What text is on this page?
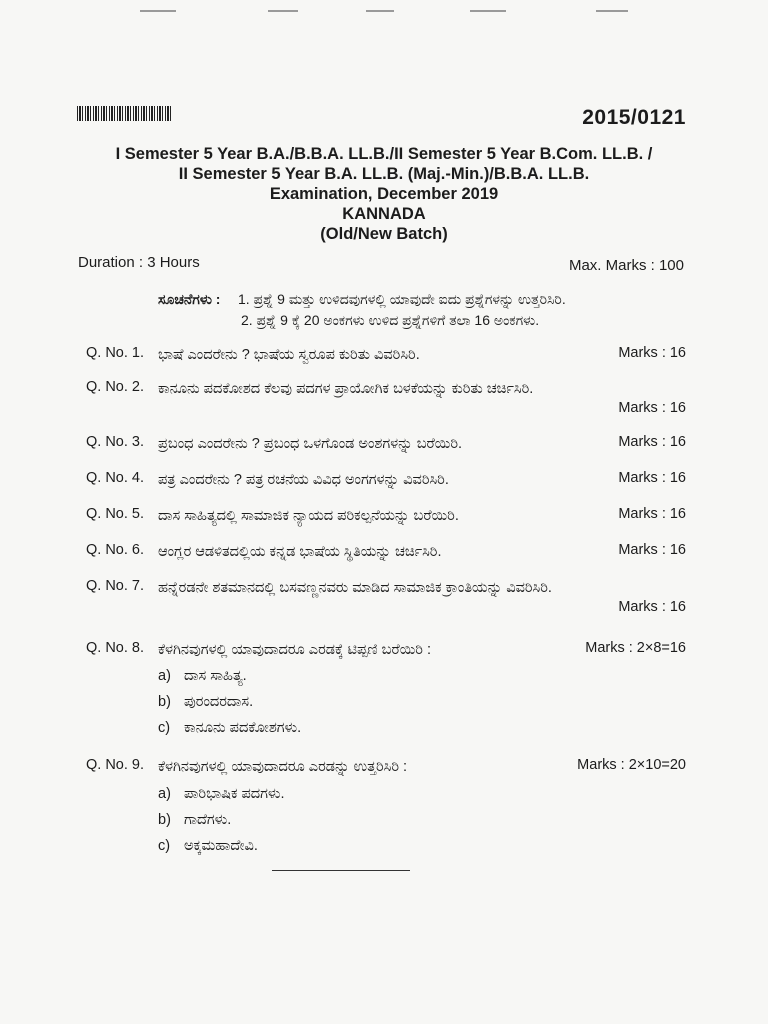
2015/0121
I Semester 5 Year B.A./B.B.A. LL.B./II Semester 5 Year B.Com. LL.B. /
II Semester 5 Year B.A. LL.B. (Maj.-Min.)/B.B.A. LL.B.
Examination, December 2019
KANNADA
(Old/New Batch)
Duration : 3 Hours	Max. Marks : 100
ಸೂಚನೆಗಳು : 1. ಪ್ರಶ್ನೆ 9 ಮತ್ತು ಉಳಿದವುಗಳಲ್ಲಿ ಯಾವುದೇ ಐದು ಪ್ರಶ್ನೆಗಳನ್ನು ಉತ್ತರಿಸಿರಿ.
2. ಪ್ರಶ್ನೆ 9 ಕ್ಕೆ 20 ಅಂಕಗಳು ಉಳಿದ ಪ್ರಶ್ನೆಗಳಿಗೆ ತಲಾ 16 ಅಂಕಗಳು.
Q. No. 1. ಭಾಷೆ ಎಂದರೇನು ? ಭಾಷೆಯ ಸ್ವರೂಪ ಕುರಿತು ವಿವರಿಸಿರಿ.	Marks : 16
Q. No. 2. ಕಾನೂನು ಪದಕೋಶದ ಕೆಲವು ಪದಗಳ ಪ್ರಾಯೋಗಿಕ ಬಳಕೆಯನ್ನು ಕುರಿತು ಚರ್ಚಿಸಿರಿ.
Marks : 16
Q. No. 3. ಪ್ರಬಂಧ ಎಂದರೇನು ? ಪ್ರಬಂಧ ಒಳಗೊಂಡ ಅಂಶಗಳನ್ನು ಬರೆಯಿರಿ.	Marks : 16
Q. No. 4. ಪತ್ರ ಎಂದರೇನು ? ಪತ್ರ ರಚನೆಯ ವಿವಿಧ ಅಂಗಗಳನ್ನು ವಿವರಿಸಿರಿ.	Marks : 16
Q. No. 5. ದಾಸ ಸಾಹಿತ್ಯದಲ್ಲಿ ಸಾಮಾಜಿಕ ನ್ಯಾಯದ ಪರಿಕಲ್ಪನೆಯನ್ನು ಬರೆಯಿರಿ.	Marks : 16
Q. No. 6. ಆಂಗ್ಲರ ಆಡಳಿತದಲ್ಲಿಯ ಕನ್ನಡ ಭಾಷೆಯ ಸ್ಥಿತಿಯನ್ನು ಚರ್ಚಿಸಿರಿ.	Marks : 16
Q. No. 7. ಹನ್ನೆರಡನೇ ಶತಮಾನದಲ್ಲಿ ಬಸವಣ್ಣನವರು ಮಾಡಿದ ಸಾಮಾಜಿಕ ಕ್ರಾಂತಿಯನ್ನು ವಿವರಿಸಿರಿ.
Marks : 16
Q. No. 8. ಕೆಳಗಿನವುಗಳಲ್ಲಿ ಯಾವುದಾದರೂ ಎರಡಕ್ಕೆ ಟಿಪ್ಪಣಿ ಬರೆಯಿರಿ :	Marks : 2×8=16
a) ದಾಸ ಸಾಹಿತ್ಯ.
b) ಪುರಂದರದಾಸ.
c) ಕಾನೂನು ಪದಕೋಶಗಳು.
Q. No. 9. ಕೆಳಗಿನವುಗಳಲ್ಲಿ ಯಾವುದಾದರೂ ಎರಡನ್ನು ಉತ್ತರಿಸಿರಿ :	Marks : 2×10=20
a) ಪಾರಿಭಾಷಿಕ ಪದಗಳು.
b) ಗಾದೆಗಳು.
c) ಅಕ್ಕಮಹಾದೇವಿ.
